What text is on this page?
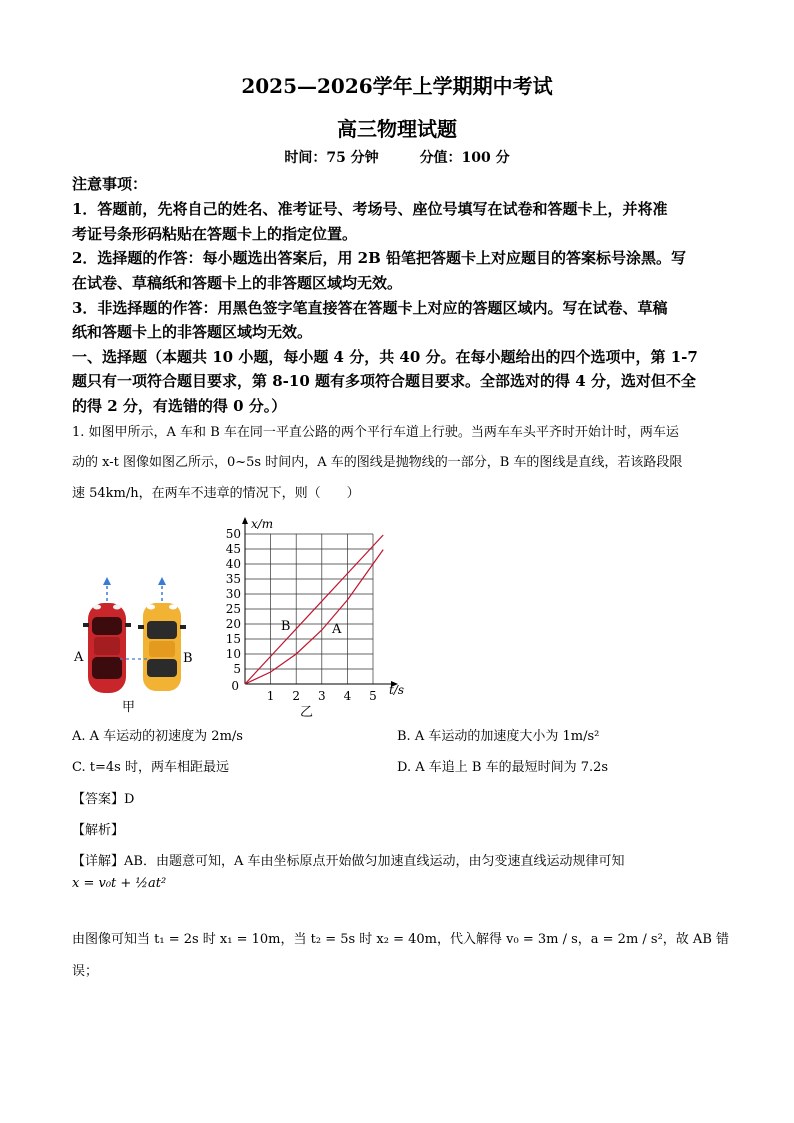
2025—2026学年上学期期中考试
高三物理试题
时间：75 分钟	分值：100 分
注意事项：
1．答题前，先将自己的姓名、准考证号、考场号、座位号填写在试卷和答题卡上，并将准
考证号条形码粘贴在答题卡上的指定位置。
2．选择题的作答：每小题选出答案后，用 2B 铅笔把答题卡上对应题目的答案标号涂黑。写
在试卷、草稿纸和答题卡上的非答题区域均无效。
3．非选择题的作答：用黑色签字笔直接答在答题卡上对应的答题区域内。写在试卷、草稿
纸和答题卡上的非答题区域均无效。
一、选择题（本题共 10 小题，每小题 4 分，共 40 分。在每小题给出的四个选项中，第 1-7
题只有一项符合题目要求，第 8-10 题有多项符合题目要求。全部选对的得 4 分，选对但不全
的得 2 分，有选错的得 0 分。）
1. 如图甲所示，A 车和 B 车在同一平直公路的两个平行车道上行驶。当两车车头平齐时开始计时，两车运
动的 x-t 图像如图乙所示，0~5s 时间内，A 车的图线是抛物线的一部分，B 车的图线是直线，若该路段限
速 54km/h，在两车不违章的情况下，则（　　）
A	B
甲
5
10
15
20
25
30
35
40
45
50
1 2 3 4 5
0
x/m
t/s
乙
B	A
A. A 车运动的初速度为 2m/s	B. A 车运动的加速度大小为 1m/s²
C. t=4s 时，两车相距最远	D. A 车追上 B 车的最短时间为 7.2s
【答案】D
【解析】
【详解】AB．由题意可知，A 车由坐标原点开始做匀加速直线运动，由匀变速直线运动规律可知
x = v₀t + ½at²
由图像可知当 t₁ = 2s 时 x₁ = 10m，当 t₂ = 5s 时 x₂ = 40m，代入解得 v₀ = 3m / s，a = 2m / s²，故 AB 错
误；
